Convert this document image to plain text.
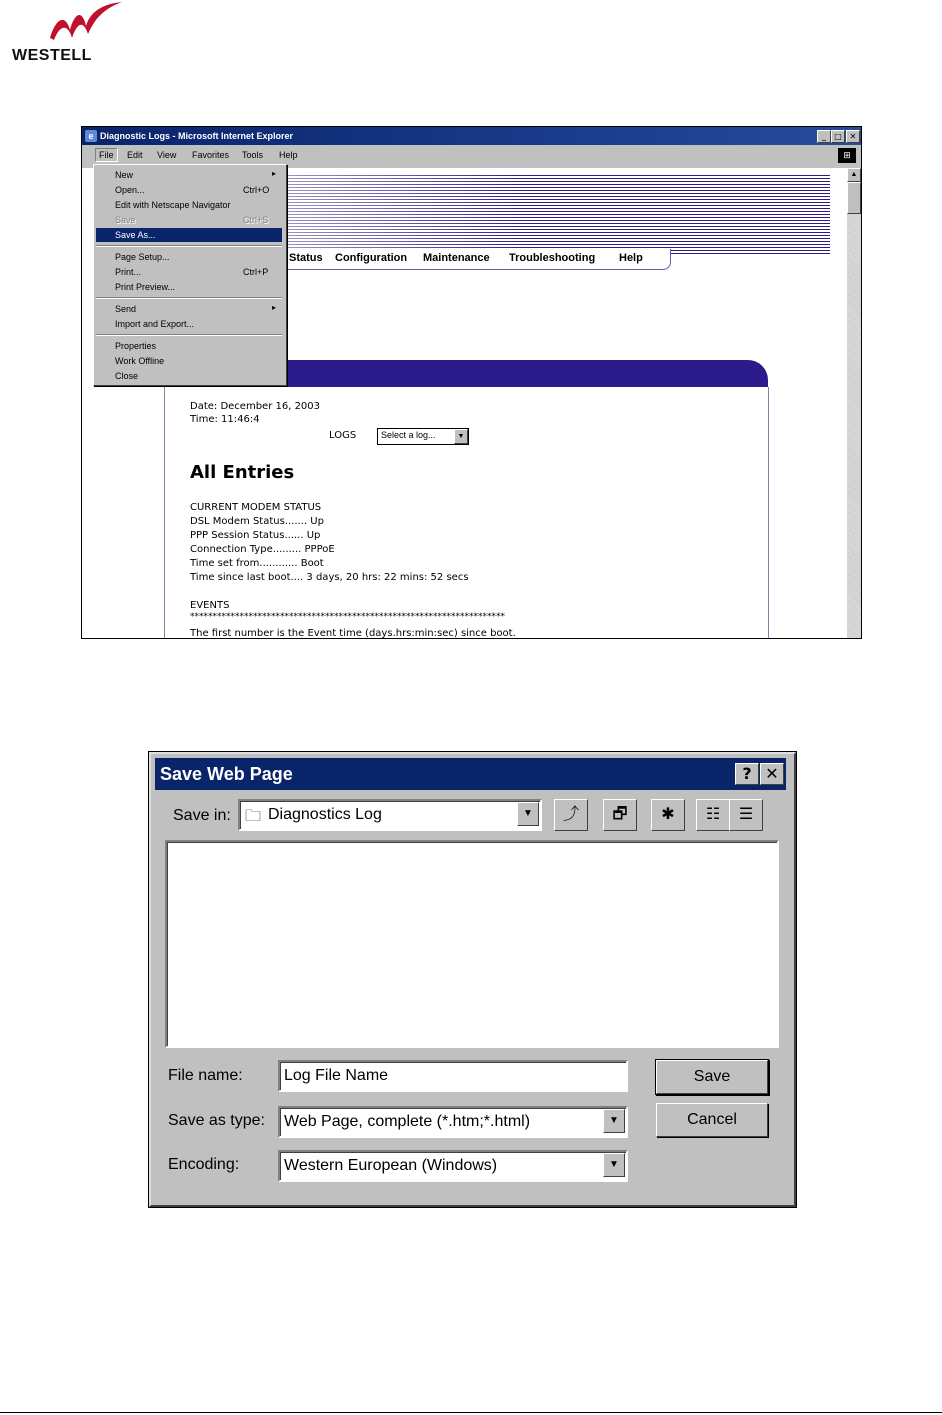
WESTELL
e Diagnostic Logs - Microsoft Internet Explorer	_	□ ✕
File	Edit View Favorites Tools Help	⊞
Status Configuration Maintenance Troubleshooting Help
Date: December 16, 2003
Time: 11:46:4
LOGS	Select a log...	▼
All Entries
CURRENT MODEM STATUS
DSL Modem Status....... Up
PPP Session Status...... Up
Connection Type......... PPPoE
Time set from............ Boot
Time since last boot.... 3 days, 20 hrs: 22 mins: 52 secs
EVENTS
**********************************************************************
The first number is the Event time (days.hrs:min:sec) since boot.
▲
New	▸
Open...	Ctrl+O
Edit with Netscape Navigator
Save	Ctrl+S
Save As...
Page Setup...
Print...	Ctrl+P
Print Preview...
Send	▸
Import and Export...
Properties
Work Offline
Close
Save Web Page	? ✕
Save in: Diagnostics Log
🗀	▼	⤴	🗗	✱	☷	☰
File name:	Log File Name
Save as type: Web Page, complete (*.htm;*.html)	▼
Encoding:	Western European (Windows)	▼
Save
Cancel
